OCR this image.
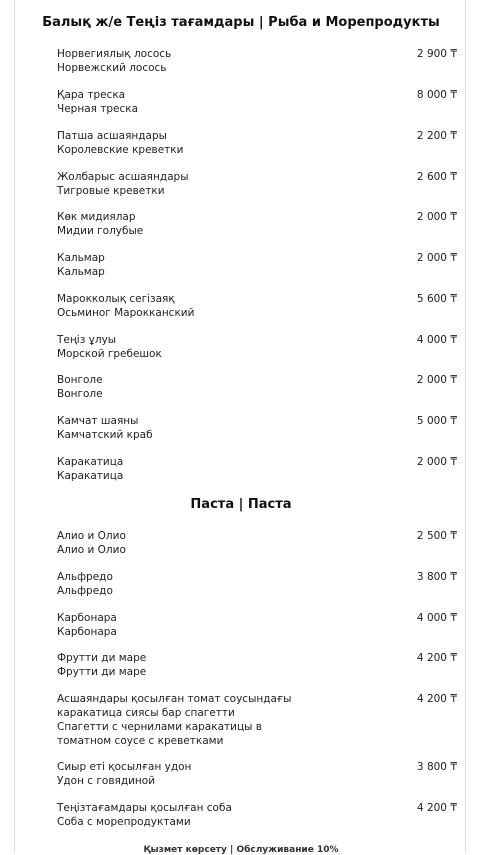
Балық ж/е Теңіз тағамдары | Рыба и Морепродукты
Норвегиялық лосось
Норвежский лосось
2 900 ₸
Қара треска
Черная треска
8 000 ₸
Патша асшаяндары
Королевские креветки
2 200 ₸
Жолбарыс асшаяндары
Тигровые креветки
2 600 ₸
Көк мидиялар
Мидии голубые
2 000 ₸
Кальмар
Кальмар
2 000 ₸
Марокколық сегізаяқ
Осьминог Марокканский
5 600 ₸
Теңіз ұлуы
Морской гребешок
4 000 ₸
Вонголе
Вонголе
2 000 ₸
Камчат шаяны
Камчатский краб
5 000 ₸
Каракатица
Каракатица
2 000 ₸
Паста | Паста
Алио и Олио
Алио и Олио
2 500 ₸
Альфредо
Альфредо
3 800 ₸
Карбонара
Карбонара
4 000 ₸
Фрутти ди маре
Фрутти ди маре
4 200 ₸
Асшаяндары қосылған томат соусындағы каракатица сиясы бар спагетти
Спагетти с чернилами каракатицы в томатном соусе с креветками
4 200 ₸
Сиыр еті қосылған удон
Удон с говядиной
3 800 ₸
Теңізтағамдары қосылған соба
Соба с морепродуктами
4 200 ₸
Қызмет көрсету | Обслуживание 10%
